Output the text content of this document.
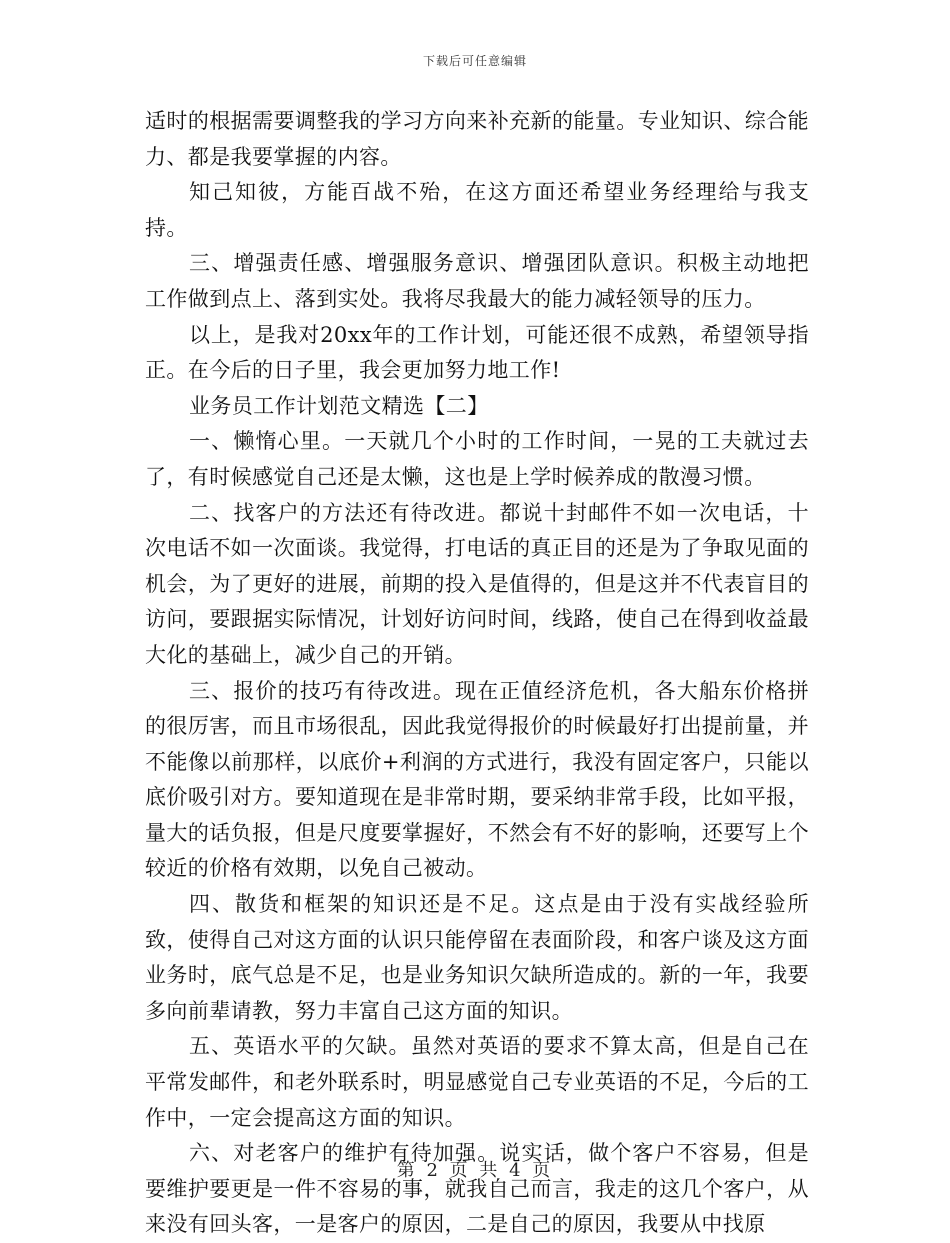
下载后可任意编辑

适时的根据需要调整我的学习方向来补充新的能量。专业知识、综合能力、都是我要掌握的内容。

知己知彼，方能百战不殆，在这方面还希望业务经理给与我支持。

三、增强责任感、增强服务意识、增强团队意识。积极主动地把工作做到点上、落到实处。我将尽我最大的能力减轻领导的压力。

以上，是我对20xx年的工作计划，可能还很不成熟，希望领导指正。在今后的日子里，我会更加努力地工作!

业务员工作计划范文精选【二】

一、懒惰心里。一天就几个小时的工作时间，一晃的工夫就过去了，有时候感觉自己还是太懒，这也是上学时候养成的散漫习惯。

二、找客户的方法还有待改进。都说十封邮件不如一次电话，十次电话不如一次面谈。我觉得，打电话的真正目的还是为了争取见面的机会，为了更好的进展，前期的投入是值得的，但是这并不代表盲目的访问，要跟据实际情况，计划好访问时间，线路，使自己在得到收益最大化的基础上，减少自己的开销。

三、报价的技巧有待改进。现在正值经济危机，各大船东价格拼的很厉害，而且市场很乱，因此我觉得报价的时候最好打出提前量，并不能像以前那样，以底价+利润的方式进行，我没有固定客户，只能以底价吸引对方。要知道现在是非常时期，要采纳非常手段，比如平报，量大的话负报，但是尺度要掌握好，不然会有不好的影响，还要写上个较近的价格有效期，以免自己被动。

四、散货和框架的知识还是不足。这点是由于没有实战经验所致，使得自己对这方面的认识只能停留在表面阶段，和客户谈及这方面业务时，底气总是不足，也是业务知识欠缺所造成的。新的一年，我要多向前辈请教，努力丰富自己这方面的知识。

五、英语水平的欠缺。虽然对英语的要求不算太高，但是自己在平常发邮件，和老外联系时，明显感觉自己专业英语的不足，今后的工作中，一定会提高这方面的知识。

六、对老客户的维护有待加强。说实话，做个客户不容易，但是要维护要更是一件不容易的事，就我自己而言，我走的这几个客户，从来没有回头客，一是客户的原因，二是自己的原因，我要从中找原

第 2 页 共 4 页
